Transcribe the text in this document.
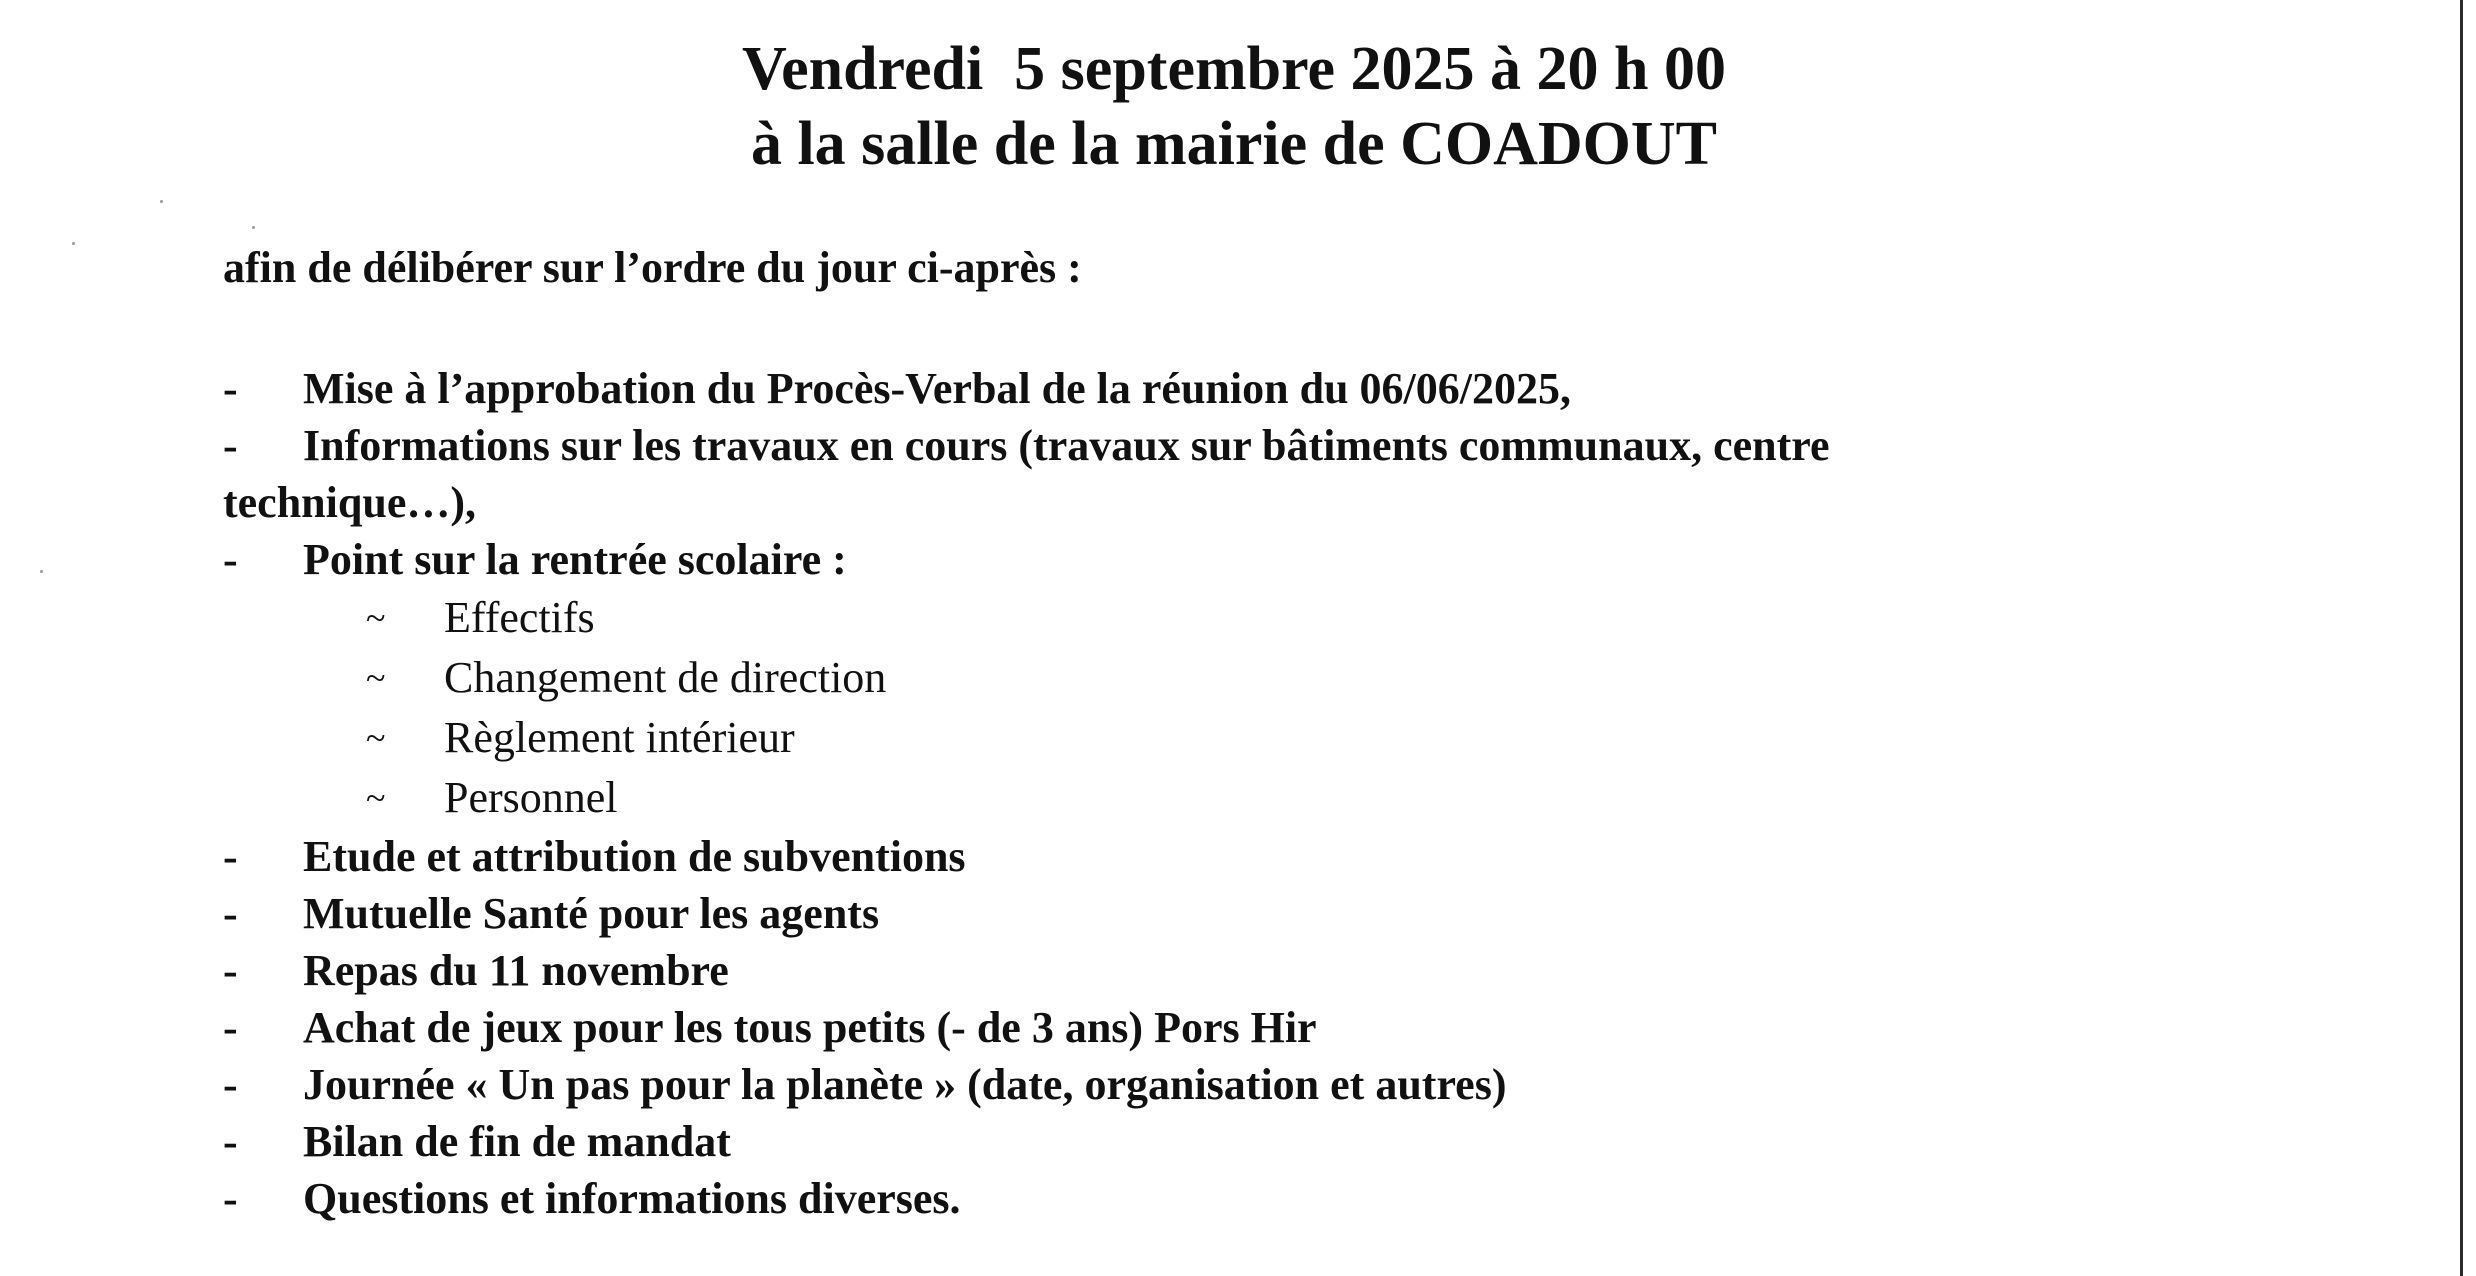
Vendredi  5 septembre 2025 à 20 h 00
à la salle de la mairie de COADOUT
afin de délibérer sur l’ordre du jour ci-après :
-	Mise à l’approbation du Procès-Verbal de la réunion du 06/06/2025,
-	Informations sur les travaux en cours (travaux sur bâtiments communaux, centre
technique…),
-	Point sur la rentrée scolaire :
~ Effectifs
~ Changement de direction
~ Règlement intérieur
~ Personnel
-	Etude et attribution de subventions
-	Mutuelle Santé pour les agents
-	Repas du 11 novembre
-	Achat de jeux pour les tous petits (- de 3 ans) Pors Hir
-	Journée « Un pas pour la planète » (date, organisation et autres)
-	Bilan de fin de mandat
-	Questions et informations diverses.
